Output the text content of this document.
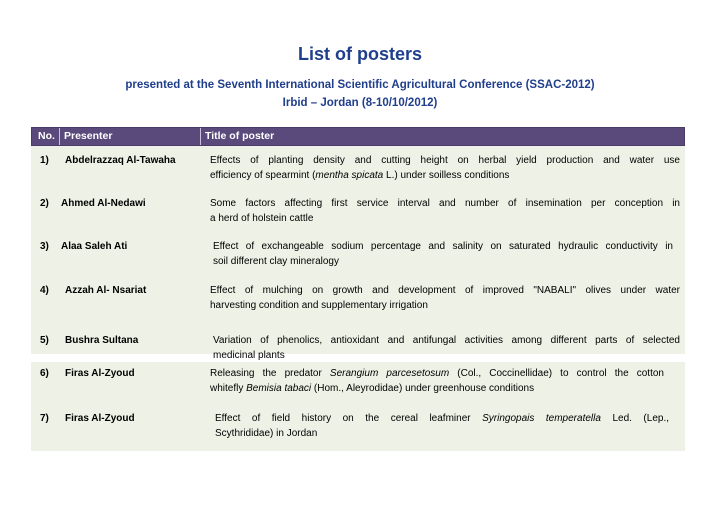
List of posters
presented at the Seventh International Scientific Agricultural Conference (SSAC-2012)
Irbid – Jordan (8-10/10/2012)
No. Presenter	Title of poster
1) Abdelrazzaq Al-Tawaha	Effects of planting density and cutting height on herbal yield production and water use
efficiency of spearmint (mentha spicata L.) under soilless conditions
2) Ahmed Al-Nedawi	Some factors affecting first service interval and number of insemination per conception in
a herd of holstein cattle
3) Alaa Saleh Ati	Effect of exchangeable sodium percentage and salinity on saturated hydraulic conductivity in
soil different clay mineralogy
4) Azzah Al- Nsariat	Effect of mulching on growth and development of improved "NABALI" olives under water
harvesting condition and supplementary irrigation
5) Bushra Sultana	Variation of phenolics, antioxidant and antifungal activities among different parts of selected
medicinal plants
6) Firas Al-Zyoud	Releasing the predator Serangium parcesetosum (Col., Coccinellidae) to control the cotton
whitefly Bemisia tabaci (Hom., Aleyrodidae) under greenhouse conditions
7) Firas Al-Zyoud	Effect of field history on the cereal leafminer Syringopais temperatella Led. (Lep.,
Scythrididae) in Jordan
